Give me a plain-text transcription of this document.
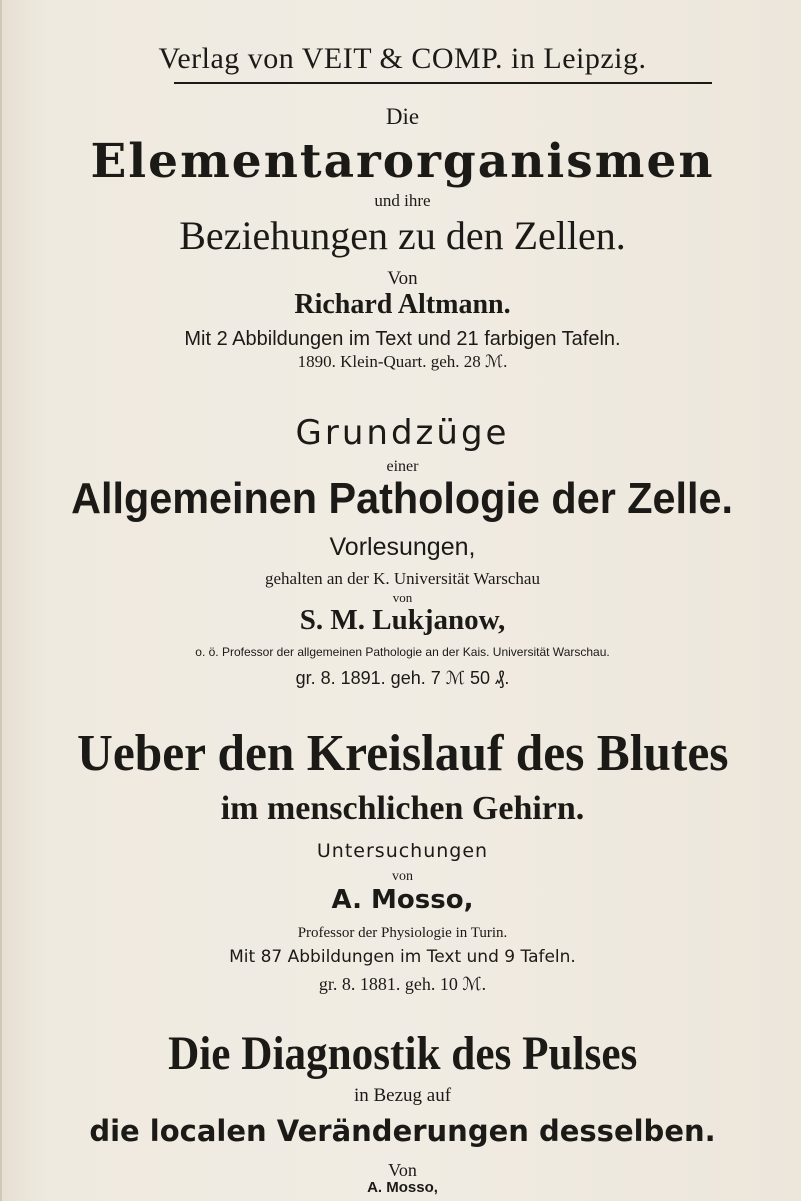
Verlag von VEIT & COMP. in Leipzig.
Die
Elementarorganismen
und ihre
Beziehungen zu den Zellen.
Von
Richard Altmann.
Mit 2 Abbildungen im Text und 21 farbigen Tafeln.
1890. Klein-Quart. geh. 28 ℳ.
Grundzüge
einer
Allgemeinen Pathologie der Zelle.
Vorlesungen,
gehalten an der K. Universität Warschau
von
S. M. Lukjanow,
o. ö. Professor der allgemeinen Pathologie an der Kais. Universität Warschau.
gr. 8. 1891. geh. 7 ℳ 50 ₰.
Ueber den Kreislauf des Blutes
im menschlichen Gehirn.
Untersuchungen
von
A. Mosso,
Professor der Physiologie in Turin.
Mit 87 Abbildungen im Text und 9 Tafeln.
gr. 8. 1881. geh. 10 ℳ.
Die Diagnostik des Pulses
in Bezug auf
die localen Veränderungen desselben.
Von
A. Mosso,
